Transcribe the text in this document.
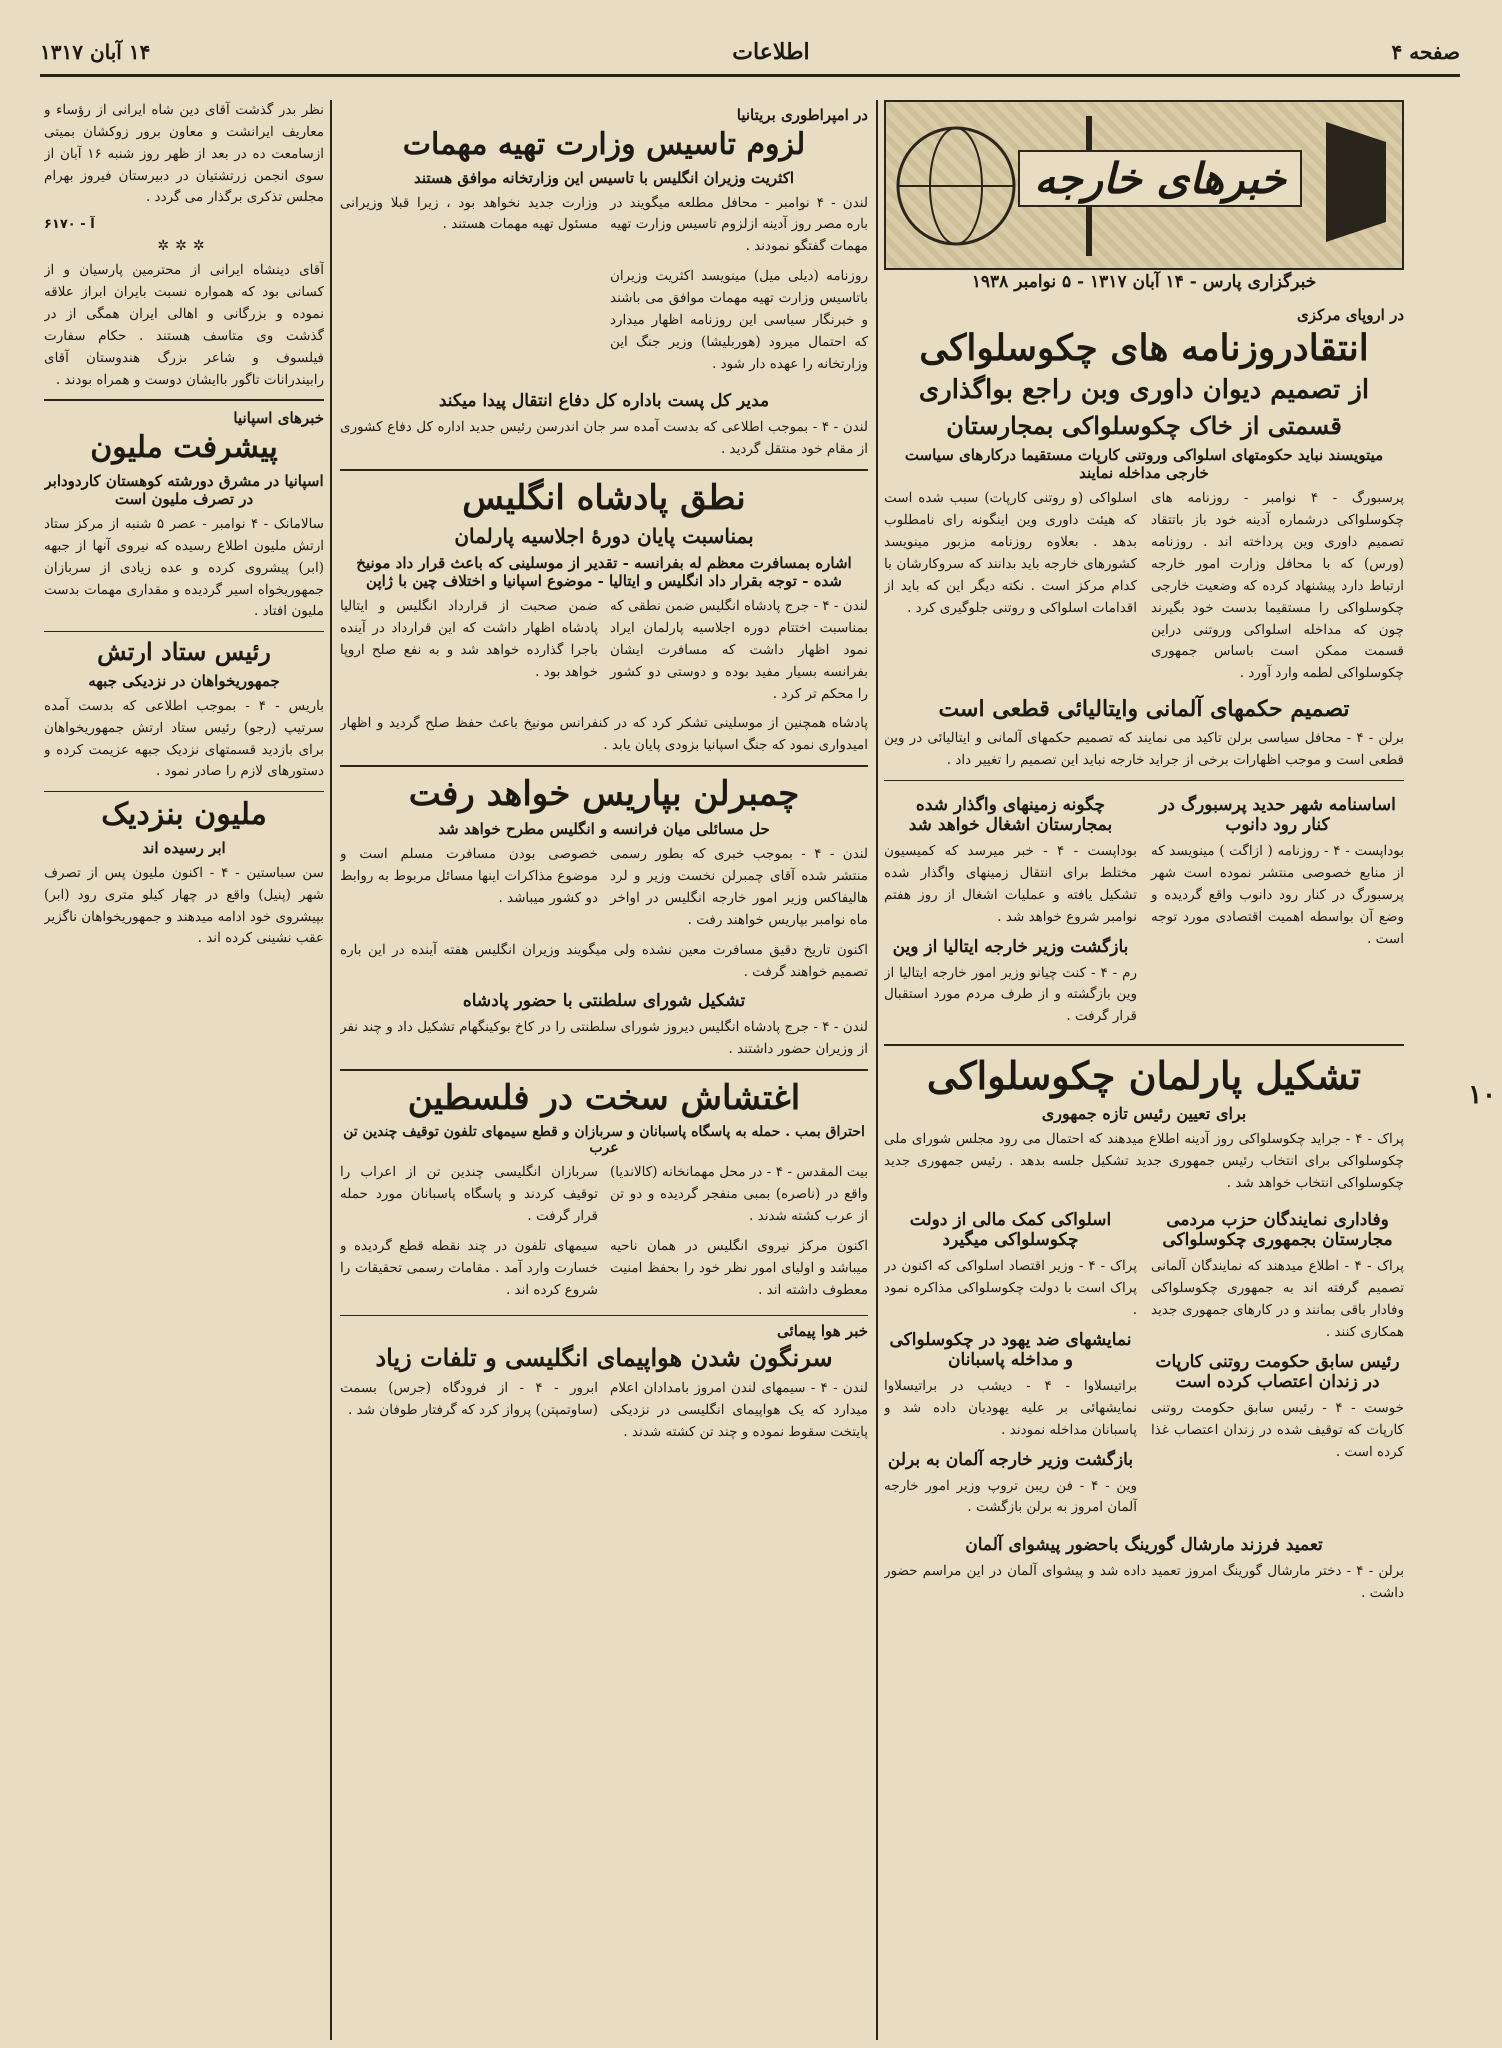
صفحه ۴
اطلاعات
۱۴ آبان ۱۳۱۷
خبرهای خارجه
خبرگزاری پارس - ۱۴ آبان ۱۳۱۷ - ۵ نوامبر ۱۹۳۸
در اروپای مرکزی
انتقادروزنامه های چکوسلواکی
از تصمیم دیوان داوری وبن راجع بواگذاری
قسمتی از خاک چکوسلواکی بمجارستان
میتویسند نباید حکومتهای اسلواکی وروتنی کارپات مستقیما درکارهای سیاست خارجی مداخله نمایند

پرسبورگ - ۴ نوامبر - روزنامه های چکوسلواکی درشماره آدینه خود باز باتتقاد تصمیم داوری وین پرداخته اند . روزنامه (ورس) که با محافل وزارت امور خارجه ارتباط دارد پیشنهاد کرده که وضعیت خارجی چکوسلواکی را مستقیما بدست خود بگیرند چون که مداخله اسلواکی وروتنی دراین قسمت ممکن است باساس جمهوری چکوسلواکی لطمه وارد آورد .

اسلواکی (و روتنی کارپات) سبب شده است که هیئت داوری وین اینگونه رای نامطلوب بدهد . بعلاوه روزنامه مزبور مینویسد کشورهای خارجه باید بدانند که سروکارشان با کدام مرکز است . نکته دیگر این که باید از اقدامات اسلواکی و روتنی جلوگیری کرد .

تصمیم حکمهای آلمانی وایتالیائی قطعی است

برلن - ۴ - محافل سیاسی برلن تاکید می نمایند که تصمیم حکمهای آلمانی و ایتالیائی در وین قطعی است و موجب اظهارات برخی از جراید خارجه نباید این تصمیم را تغییر داد .

اساسنامه شهر حدید پرسبورگ در کنار رود دانوب

بوداپست - ۴ - روزنامه ( ازاگت ) مینویسد که از منابع خصوصی منتشر نموده است شهر پرسبورگ در کنار رود دانوب واقع گردیده و وضع آن بواسطه اهمیت اقتصادی مورد توجه است .

چگونه زمینهای واگذار شده بمجارستان اشغال خواهد شد

بوداپست - ۴ - خبر میرسد که کمیسیون مختلط برای انتقال زمینهای واگذار شده تشکیل یافته و عملیات اشغال از روز هفتم نوامبر شروع خواهد شد .

بازگشت وزیر خارجه ایتالیا از وین

رم - ۴ - کنت چیانو وزیر امور خارجه ایتالیا از وین بازگشته و از طرف مردم مورد استقبال قرار گرفت .

تشکیل پارلمان چکوسلواکی
برای تعیین رئیس تازه جمهوری

پراک - ۴ - جراید چکوسلواکی روز آدینه اطلاع میدهند که احتمال می رود مجلس شورای ملی چکوسلواکی برای انتخاب رئیس جمهوری جدید تشکیل جلسه بدهد . رئیس جمهوری جدید چکوسلواکی انتخاب خواهد شد .

وفاداری نمایندگان حزب مردمی مجارستان بجمهوری چکوسلواکی

پراک - ۴ - اطلاع میدهند که نمایندگان آلمانی تصمیم گرفته اند به جمهوری چکوسلواکی وفادار باقی بمانند و در کارهای جمهوری جدید همکاری کنند .

رئیس سابق حکومت روتنی کارپات در زندان اعتصاب کرده است

خوست - ۴ - رئیس سابق حکومت روتنی کارپات که توقیف شده در زندان اعتصاب غذا کرده است .

اسلواکی کمک مالی از دولت چکوسلواکی میگیرد

پراک - ۴ - وزیر اقتصاد اسلواکی که اکنون در پراک است با دولت چکوسلواکی مذاکره نمود .

نمایشهای ضد یهود در چکوسلواکی و مداخله پاسبانان

براتیسلاوا - ۴ - دیشب در براتیسلاوا نمایشهائی بر علیه یهودیان داده شد و پاسبانان مداخله نمودند .

بازگشت وزیر خارجه آلمان به برلن

وین - ۴ - فن ریبن تروپ وزیر امور خارجه آلمان امروز به برلن بازگشت .

تعمید فرزند مارشال گورینگ باحضور پیشوای آلمان

برلن - ۴ - دختر مارشال گورینگ امروز تعمید داده شد و پیشوای آلمان در این مراسم حضور داشت .

در امپراطوری بریتانیا
لزوم تاسیس وزارت تهیه مهمات
اکثریت وزیران انگلیس با تاسیس این وزارتخانه موافق هستند

لندن - ۴ نوامبر - محافل مطلعه میگویند در باره مصر روز آدینه ازلزوم تاسیس وزارت تهیه مهمات گفتگو نمودند .

روزنامه (دیلی میل) مینویسد اکثریت وزیران باتاسیس وزارت تهیه مهمات موافق می باشند و خبرنگار سیاسی این روزنامه اظهار میدارد که احتمال میرود (هوربلیشا) وزیر جنگ این وزارتخانه را عهده دار شود .

وزارت جدید نخواهد بود ، زیرا قبلا وزیرانی مسئول تهیه مهمات هستند .

مدیر کل پست باداره کل دفاع انتقال پیدا میکند

لندن - ۴ - بموجب اطلاعی که بدست آمده سر جان اندرسن رئیس جدید اداره کل دفاع کشوری از مقام خود منتقل گردید .

نطق پادشاه انگلیس
بمناسبت پایان دورهٔ اجلاسیه پارلمان
اشاره بمسافرت معظم له بفرانسه - تقدیر از موسلینی که باعث قرار داد مونیخ شده - توجه بقرار داد انگلیس و ایتالیا - موضوع اسپانیا و اختلاف چین با ژاپن

لندن - ۴ - جرج پادشاه انگلیس ضمن نطقی که بمناسبت اختتام دوره اجلاسیه پارلمان ایراد نمود اظهار داشت که مسافرت ایشان بفرانسه بسیار مفید بوده و دوستی دو کشور را محکم تر کرد .

ضمن صحبت از قرارداد انگلیس و ایتالیا پادشاه اظهار داشت که این قرارداد در آینده باجرا گذارده خواهد شد و به نفع صلح اروپا خواهد بود .

پادشاه همچنین از موسلینی تشکر کرد که در کنفرانس مونیخ باعث حفظ صلح گردید و اظهار امیدواری نمود که جنگ اسپانیا بزودی پایان یابد .

چمبرلن بپاریس خواهد رفت
حل مسائلی میان فرانسه و انگلیس مطرح خواهد شد

لندن - ۴ - بموجب خبری که بطور رسمی منتشر شده آقای چمبرلن نخست وزیر و لرد هالیفاکس وزیر امور خارجه انگلیس در اواخر ماه نوامبر بپاریس خواهند رفت .

خصوصی بودن مسافرت مسلم است و موضوع مذاکرات اینها مسائل مربوط به روابط دو کشور میباشد .

اکنون تاریخ دقیق مسافرت معین نشده ولی میگویند وزیران انگلیس هفته آینده در این باره تصمیم خواهند گرفت .

تشکیل شورای سلطنتی با حضور پادشاه

لندن - ۴ - جرج پادشاه انگلیس دیروز شورای سلطنتی را در کاخ بوکینگهام تشکیل داد و چند نفر از وزیران حضور داشتند .

اغتشاش سخت در فلسطین
احتراق بمب . حمله به پاسگاه پاسبانان و سربازان و قطع سیمهای تلفون توقیف چندین تن عرب

بیت المقدس - ۴ - در محل مهمانخانه (کالاندیا) واقع در (ناصره) بمبی منفجر گردیده و دو تن از عرب کشته شدند .

اکنون مرکز نیروی انگلیس در همان ناحیه میباشد و اولیای امور نظر خود را بحفظ امنیت معطوف داشته اند .

سربازان انگلیسی چندین تن از اعراب را توقیف کردند و پاسگاه پاسبانان مورد حمله قرار گرفت .

سیمهای تلفون در چند نقطه قطع گردیده و خسارت وارد آمد . مقامات رسمی تحقیقات را شروع کرده اند .

خبر هوا پیمائی
سرنگون شدن هواپیمای انگلیسی و تلفات زیاد

لندن - ۴ - سیمهای لندن امروز بامدادان اعلام میدارد که یک هواپیمای انگلیسی در نزدیکی پایتخت سقوط نموده و چند تن کشته شدند .

ابرور - ۴ - از فرودگاه (جرس) بسمت (ساوتمپتن) پرواز کرد که گرفتار طوفان شد .

نظر بدر گذشت آقای دین شاه ایرانی از رؤساء و معاریف ایرانشت و معاون برور زوکشان بمیتی ازسامعت ده در بعد از ظهر روز شنبه ۱۶ آبان از سوی انجمن زرتشتیان در دبیرستان فیروز بهرام مجلس تذکری برگذار می گردد .

آ - ۶۱۷۰
✲✲✲

آقای دینشاه ایرانی از محترمین پارسیان و از کسانی بود که همواره نسبت بایران ابراز علاقه نموده و بزرگانی و اهالی ایران همگی از در گذشت وی متاسف هستند . حکام سفارت فیلسوف و شاعر بزرگ هندوستان آقای رابیندرانات تاگور باایشان دوست و همراه بودند .

خبرهای اسپانیا
پیشرفت ملیون
اسپانیا در مشرق دورشته کوهستان کاردودابر در تصرف ملیون است

سالامانک - ۴ نوامبر - عصر ۵ شنبه از مرکز ستاد ارتش ملیون اطلاع رسیده که نیروی آنها از جبهه (ابر) پیشروی کرده و عده زیادی از سربازان جمهوریخواه اسیر گردیده و مقداری مهمات بدست ملیون افتاد .

رئیس ستاد ارتش
جمهوریخواهان در نزدیکی جبهه

باریس - ۴ - بموجب اطلاعی که بدست آمده سرتیپ (رجو) رئیس ستاد ارتش جمهوریخواهان برای بازدید قسمتهای نزدیک جبهه عزیمت کرده و دستورهای لازم را صادر نمود .

ملیون بنزدیک
ابر رسیده اند

سن سباستین - ۴ - اکنون ملیون پس از تصرف شهر (پنیل) واقع در چهار کیلو متری رود (ابر) بپیشروی خود ادامه میدهند و جمهوریخواهان ناگزیر عقب نشینی کرده اند .

۱۰
